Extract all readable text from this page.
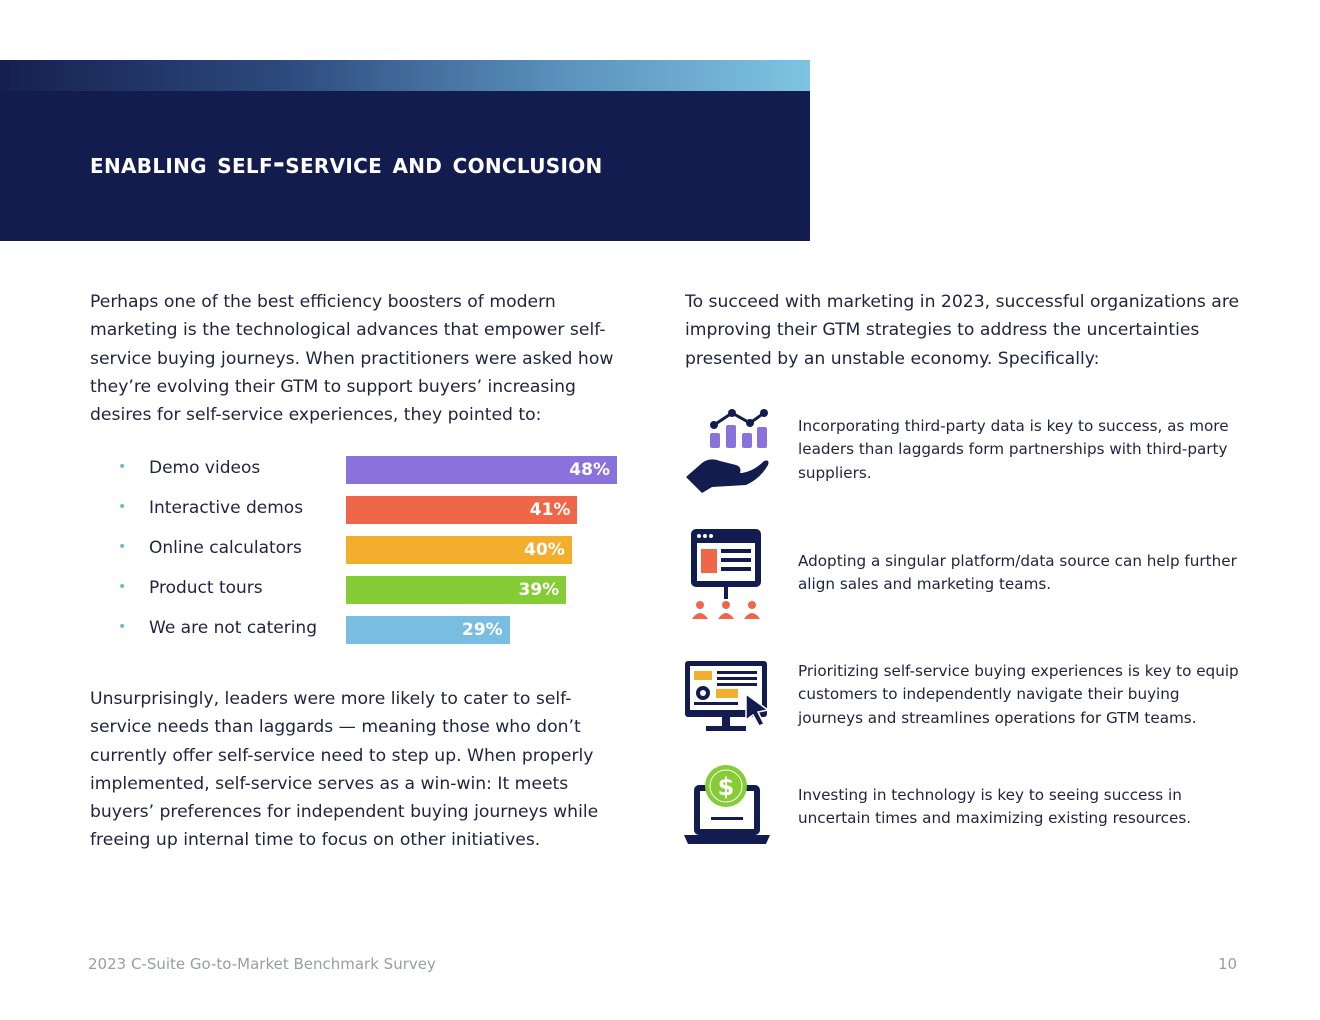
enabling self-service and conclusion

Perhaps one of the best efficiency boosters of modern marketing is the technological advances that empower self-service buying journeys. When practitioners were asked how they’re evolving their GTM to support buyers’ increasing desires for self-service experiences, they pointed to:

• Demo videos	48%
• Interactive demos	41%
• Online calculators	40%
• Product tours	39%
• We are not catering	29%

Unsurprisingly, leaders were more likely to cater to self-service needs than laggards — meaning those who don’t currently offer self-service need to step up. When properly implemented, self-service serves as a win-win: It meets buyers’ preferences for independent buying journeys while freeing up internal time to focus on other initiatives.

To succeed with marketing in 2023, successful organizations are improving their GTM strategies to address the uncertainties presented by an unstable economy. Specifically:

Incorporating third-party data is key to success, as more leaders than laggards form partnerships with third-party suppliers.

Adopting a singular platform/data source can help further align sales and marketing teams.

Prioritizing self-service buying experiences is key to equip customers to independently navigate their buying journeys and streamlines operations for GTM teams.

$	Investing in technology is key to seeing success in uncertain times and maximizing existing resources.

2023 C-Suite Go-to-Market Benchmark Survey	10
